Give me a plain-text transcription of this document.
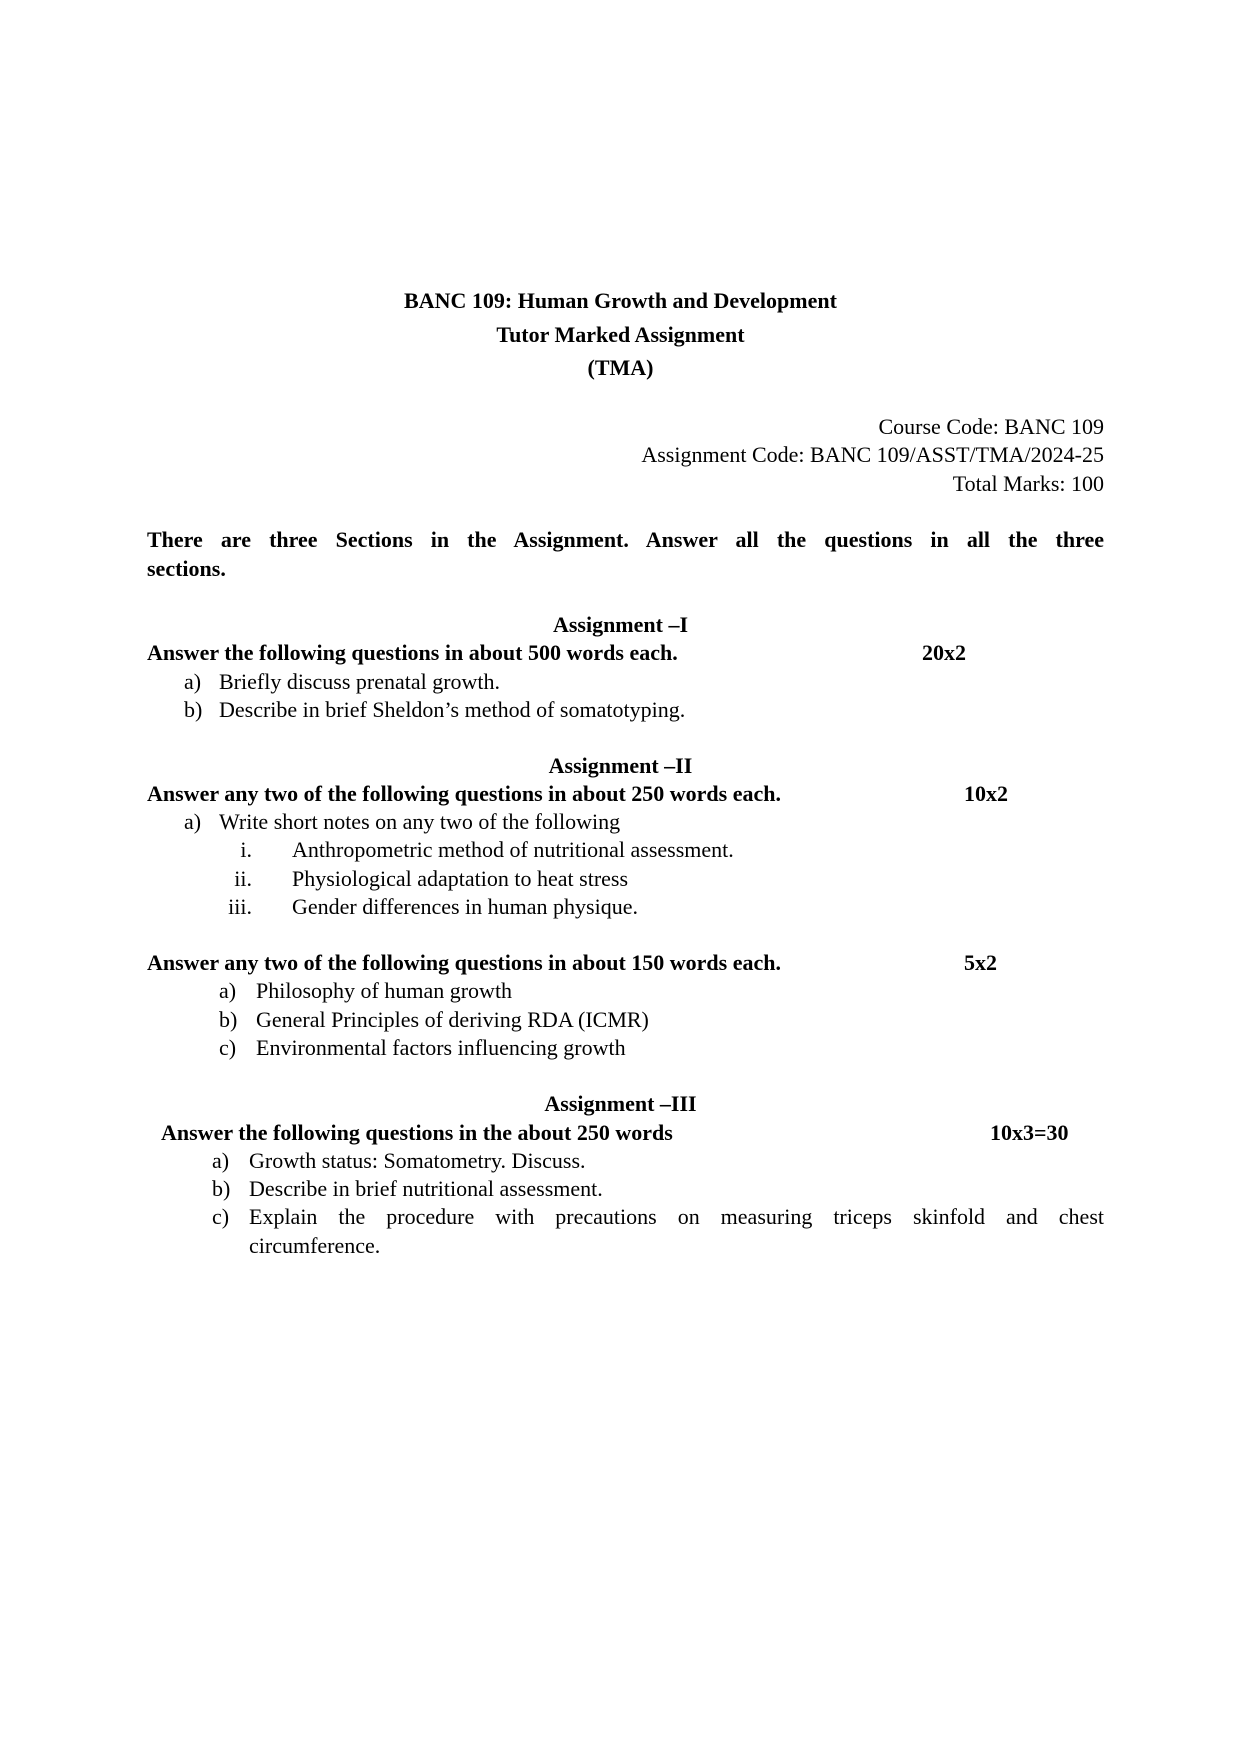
BANC 109: Human Growth and Development
Tutor Marked Assignment
(TMA)
Course Code: BANC 109
Assignment Code: BANC 109/ASST/TMA/2024-25
Total Marks: 100
There are three Sections in the Assignment. Answer all the questions in all the three
sections.
Assignment –I
Answer the following questions in about 500 words each.	20x2
a) Briefly discuss prenatal growth.
b) Describe in brief Sheldon’s method of somatotyping.
Assignment –II
Answer any two of the following questions in about 250 words each.	10x2
a) Write short notes on any two of the following
i. Anthropometric method of nutritional assessment.
ii. Physiological adaptation to heat stress
iii. Gender differences in human physique.
Answer any two of the following questions in about 150 words each.	5x2
a) Philosophy of human growth
b) General Principles of deriving RDA (ICMR)
c) Environmental factors influencing growth
Assignment –III
Answer the following questions in the about 250 words	10x3=30
a) Growth status: Somatometry. Discuss.
b) Describe in brief nutritional assessment.
c) Explain the procedure with precautions on measuring triceps skinfold and chest
circumference.
